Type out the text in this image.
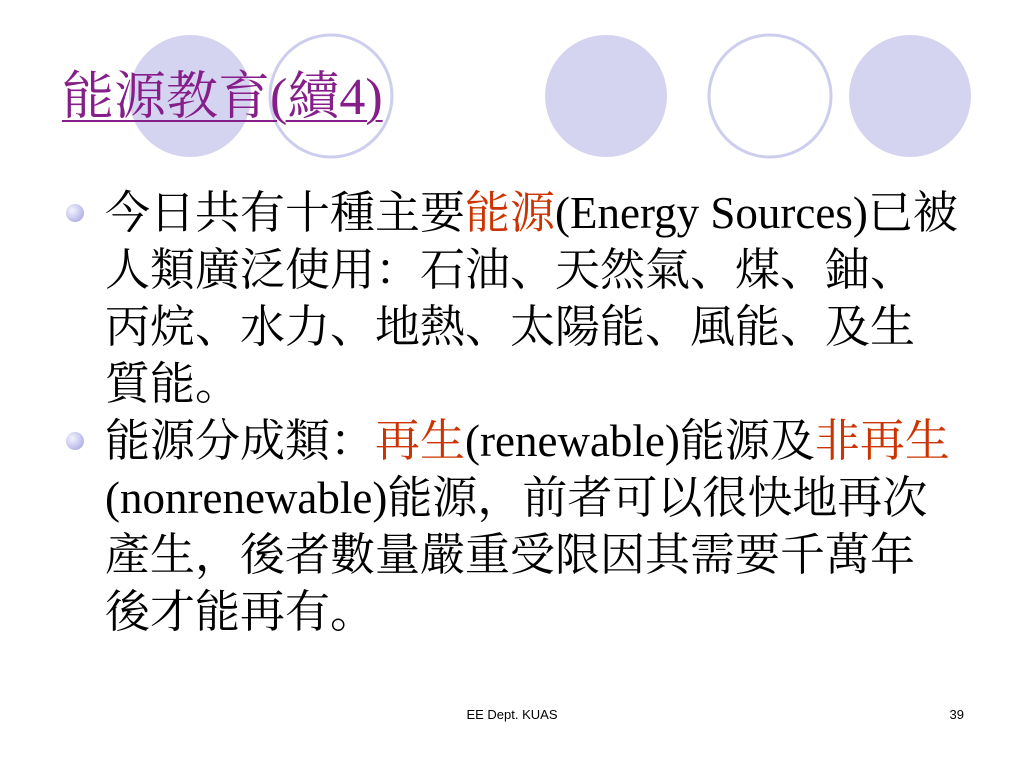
能源教育(續4)
今日共有十種主要能源(Energy Sources)已被
人類廣泛使用：石油、天然氣、煤、鈾、
丙烷、水力、地熱、太陽能、風能、及生
質能。
能源分成類：再生(renewable)能源及非再生
(nonrenewable)能源，前者可以很快地再次
產生，後者數量嚴重受限因其需要千萬年
後才能再有。
EE Dept. KUAS	39
